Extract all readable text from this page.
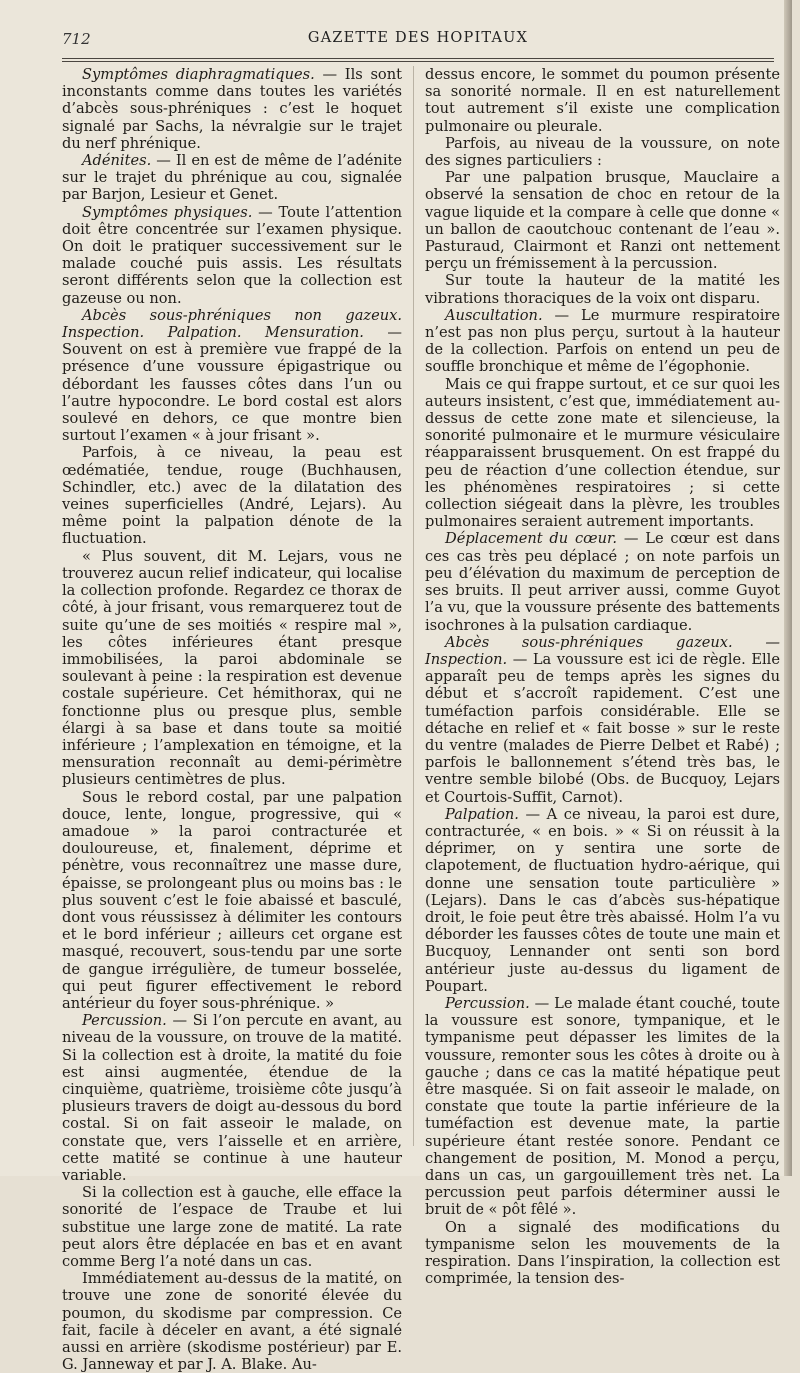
712	GAZETTE DES HOPITAUX

Symptômes diaphragmatiques. — Ils sont inconstants comme dans toutes les variétés d’abcès sous-phréniques : c’est le hoquet signalé par Sachs, la névralgie sur le trajet du nerf phrénique.

Adénites. — Il en est de même de l’adénite sur le trajet du phrénique au cou, signalée par Barjon, Lesieur et Genet.

Symptômes physiques. — Toute l’attention doit être concentrée sur l’examen physique. On doit le pratiquer successivement sur le malade couché puis assis. Les résultats seront différents selon que la collection est gazeuse ou non.

Abcès sous-phréniques non gazeux. Inspection. Palpation. Mensuration. — Souvent on est à première vue frappé de la présence d’une voussure épigastrique ou débordant les fausses côtes dans l’un ou l’autre hypocondre. Le bord costal est alors soulevé en dehors, ce que montre bien surtout l’examen « à jour frisant ».

Parfois, à ce niveau, la peau est œdématiée, tendue, rouge (Buchhausen, Schindler, etc.) avec de la dilatation des veines superficielles (André, Lejars). Au même point la palpation dénote de la fluctuation.

« Plus souvent, dit M. Lejars, vous ne trouverez aucun relief indicateur, qui localise la collection profonde. Regardez ce thorax de côté, à jour frisant, vous remarquerez tout de suite qu’une de ses moitiés « respire mal », les côtes inférieures étant presque immobilisées, la paroi abdominale se soulevant à peine : la respiration est devenue costale supérieure. Cet hémithorax, qui ne fonctionne plus ou presque plus, semble élargi à sa base et dans toute sa moitié inférieure ; l’amplexation en témoigne, et la mensuration reconnaît au demi-périmètre plusieurs centimètres de plus.

Sous le rebord costal, par une palpation douce, lente, longue, progressive, qui « amadoue » la paroi contracturée et douloureuse, et, finalement, déprime et pénètre, vous reconnaîtrez une masse dure, épaisse, se prolongeant plus ou moins bas : le plus souvent c’est le foie abaissé et basculé, dont vous réussissez à délimiter les contours et le bord inférieur ; ailleurs cet organe est masqué, recouvert, sous-tendu par une sorte de gangue irrégulière, de tumeur bosselée, qui peut figurer effectivement le rebord antérieur du foyer sous-phrénique. »

Percussion. — Si l’on percute en avant, au niveau de la voussure, on trouve de la matité. Si la collection est à droite, la matité du foie est ainsi augmentée, étendue de la cinquième, quatrième, troisième côte jusqu’à plusieurs travers de doigt au-dessous du bord costal. Si on fait asseoir le malade, on constate que, vers l’aisselle et en arrière, cette matité se continue à une hauteur variable.

Si la collection est à gauche, elle efface la sonorité de l’espace de Traube et lui substitue une large zone de matité. La rate peut alors être déplacée en bas et en avant comme Berg l’a noté dans un cas.

Immédiatement au-dessus de la matité, on trouve une zone de sonorité élevée du poumon, du skodisme par compression. Ce fait, facile à déceler en avant, a été signalé aussi en arrière (skodisme postérieur) par E. G. Janneway et par J. A. Blake. Au-

dessus encore, le sommet du poumon présente sa sonorité normale. Il en est naturellement tout autrement s’il existe une complication pulmonaire ou pleurale.

Parfois, au niveau de la voussure, on note des signes particuliers :

Par une palpation brusque, Mauclaire a observé la sensation de choc en retour de la vague liquide et la compare à celle que donne « un ballon de caoutchouc contenant de l’eau ». Pasturaud, Clairmont et Ranzi ont nettement perçu un frémissement à la percussion.

Sur toute la hauteur de la matité les vibrations thoraciques de la voix ont disparu.

Auscultation. — Le murmure respiratoire n’est pas non plus perçu, surtout à la hauteur de la collection. Parfois on entend un peu de souffle bronchique et même de l’égophonie.

Mais ce qui frappe surtout, et ce sur quoi les auteurs insistent, c’est que, immédiatement au-dessus de cette zone mate et silencieuse, la sonorité pulmonaire et le murmure vésiculaire réapparaissent brusquement. On est frappé du peu de réaction d’une collection étendue, sur les phénomènes respiratoires ; si cette collection siégeait dans la plèvre, les troubles pulmonaires seraient autrement importants.

Déplacement du cœur. — Le cœur est dans ces cas très peu déplacé ; on note parfois un peu d’élévation du maximum de perception de ses bruits. Il peut arriver aussi, comme Guyot l’a vu, que la voussure présente des battements isochrones à la pulsation cardiaque.

Abcès sous-phréniques gazeux. — Inspection. — La voussure est ici de règle. Elle apparaît peu de temps après les signes du début et s’accroît rapidement. C’est une tuméfaction parfois considérable. Elle se détache en relief et « fait bosse » sur le reste du ventre (malades de Pierre Delbet et Rabé) ; parfois le ballonnement s’étend très bas, le ventre semble bilobé (Obs. de Bucquoy, Lejars et Courtois-Suffit, Carnot).

Palpation. — A ce niveau, la paroi est dure, contracturée, « en bois. » « Si on réussit à la déprimer, on y sentira une sorte de clapotement, de fluctuation hydro-aérique, qui donne une sensation toute particulière » (Lejars). Dans le cas d’abcès sus-hépatique droit, le foie peut être très abaissé. Holm l’a vu déborder les fausses côtes de toute une main et Bucquoy, Lennander ont senti son bord antérieur juste au-dessus du ligament de Poupart.

Percussion. — Le malade étant couché, toute la voussure est sonore, tympanique, et le tympanisme peut dépasser les limites de la voussure, remonter sous les côtes à droite ou à gauche ; dans ce cas la matité hépatique peut être masquée. Si on fait asseoir le malade, on constate que toute la partie inférieure de la tuméfaction est devenue mate, la partie supérieure étant restée sonore. Pendant ce changement de position, M. Monod a perçu, dans un cas, un gargouillement très net. La percussion peut parfois déterminer aussi le bruit de « pôt fêlé ».

On a signalé des modifications du tympanisme selon les mouvements de la respiration. Dans l’inspiration, la collection est comprimée, la tension des-
